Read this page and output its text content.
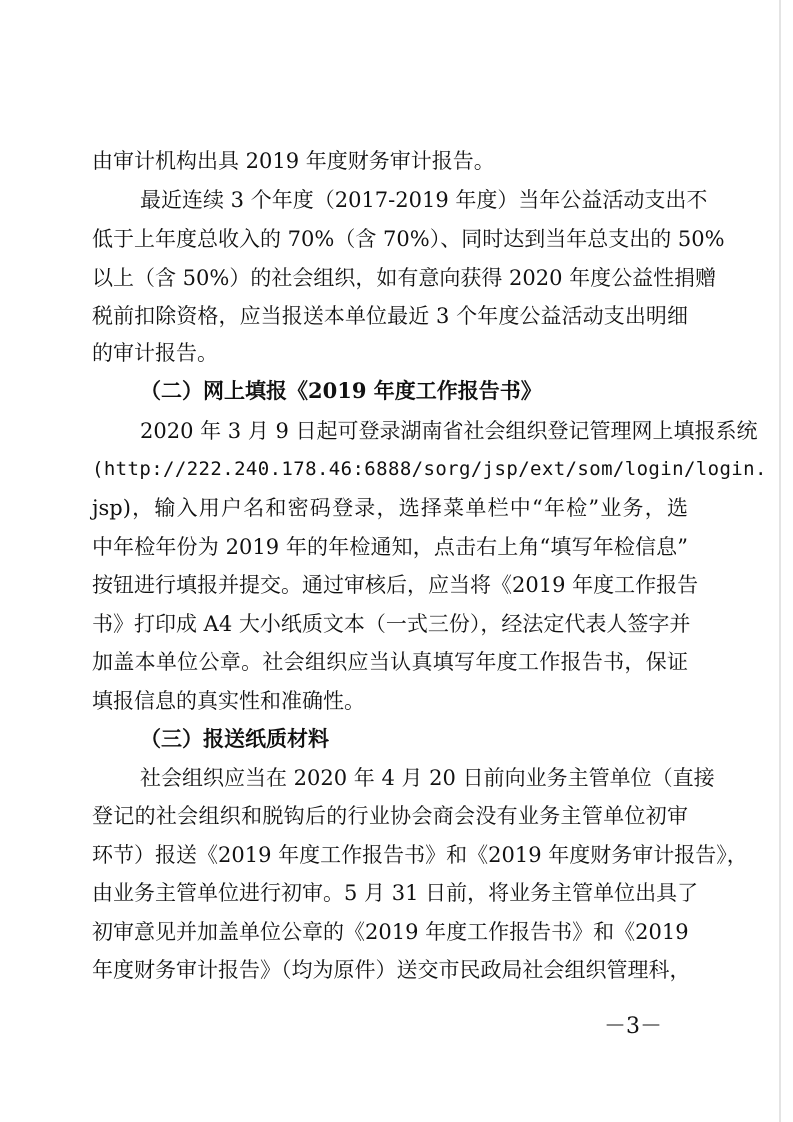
由审计机构出具 2019 年度财务审计报告。
最近连续 3 个年度（2017-2019 年度）当年公益活动支出不
低于上年度总收入的 70%（含 70%）、同时达到当年总支出的 50%
以上（含 50%）的社会组织，如有意向获得 2020 年度公益性捐赠
税前扣除资格，应当报送本单位最近 3 个年度公益活动支出明细
的审计报告。
（二）网上填报《2019 年度工作报告书》
2020 年 3 月 9 日起可登录湖南省社会组织登记管理网上填报系统
(http://222.240.178.46:6888/sorg/jsp/ext/som/login/login.
jsp)，输入用户名和密码登录，选择菜单栏中“年检”业务，选
中年检年份为 2019 年的年检通知，点击右上角“填写年检信息”
按钮进行填报并提交。通过审核后，应当将《2019 年度工作报告
书》打印成 A4 大小纸质文本（一式三份），经法定代表人签字并
加盖本单位公章。社会组织应当认真填写年度工作报告书，保证
填报信息的真实性和准确性。
（三）报送纸质材料
社会组织应当在 2020 年 4 月 20 日前向业务主管单位（直接
登记的社会组织和脱钩后的行业协会商会没有业务主管单位初审
环节）报送《2019 年度工作报告书》和《2019 年度财务审计报告》，
由业务主管单位进行初审。5 月 31 日前，将业务主管单位出具了
初审意见并加盖单位公章的《2019 年度工作报告书》和《2019
年度财务审计报告》（均为原件）送交市民政局社会组织管理科，
－3－
